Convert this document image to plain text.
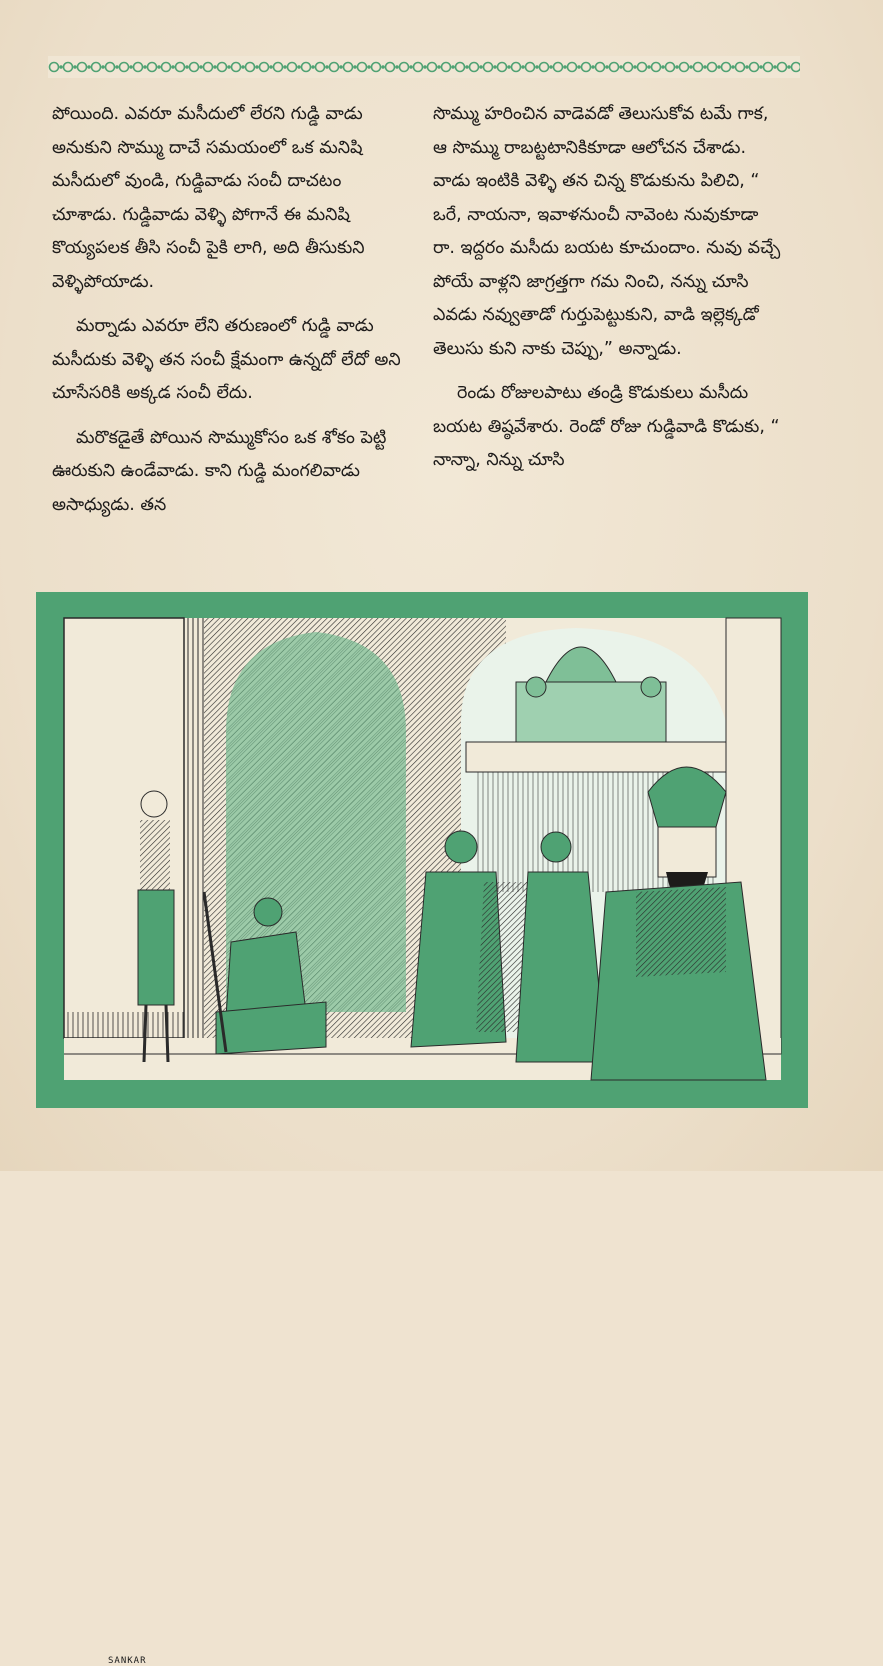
పోయింది. ఎవరూ మసీదులో లేరని గుడ్డి వాడు అనుకుని సొమ్ము దాచే సమయంలో ఒక మనిషి మసీదులో వుండి, గుడ్డివాడు సంచీ దాచటం చూశాడు. గుడ్డివాడు వెళ్ళి పోగానే ఈ మనిషి కొయ్యపలక తీసి సంచీ పైకి లాగి, అది తీసుకుని వెళ్ళిపోయాడు.

మర్నాడు ఎవరూ లేని తరుణంలో గుడ్డి వాడు మసీదుకు వెళ్ళి తన సంచీ క్షేమంగా ఉన్నదో లేదో అని చూసేసరికి అక్కడ సంచీ లేదు.

మరొకడైతే పోయిన సొమ్ముకోసం ఒక శోకం పెట్టి ఊరుకుని ఉండేవాడు. కాని గుడ్డి మంగలివాడు అసాధ్యుడు. తన

సొమ్ము హరించిన వాడెవడో తెలుసుకోవ టమే గాక, ఆ సొమ్ము రాబట్టటానికికూడా ఆలోచన చేశాడు. వాడు ఇంటికి వెళ్ళి తన చిన్న కొడుకును పిలిచి, “ ఒరే, నాయనా, ఇవాళనుంచీ నావెంట నువుకూడా రా. ఇద్దరం మసీదు బయట కూచుందాం. నువు వచ్చే పోయే వాళ్లని జాగ్రత్తగా గమ నించి, నన్ను చూసి ఎవడు నవ్వుతాడో గుర్తుపెట్టుకుని, వాడి ఇల్లెక్కడో తెలుసు కుని నాకు చెప్పు,” అన్నాడు.

రెండు రోజులపాటు తండ్రి కొడుకులు మసీదు బయట తిష్ఠవేశారు. రెండో రోజు గుడ్డివాడి కొడుకు, “ నాన్నా, నిన్ను చూసి

SANKAR
